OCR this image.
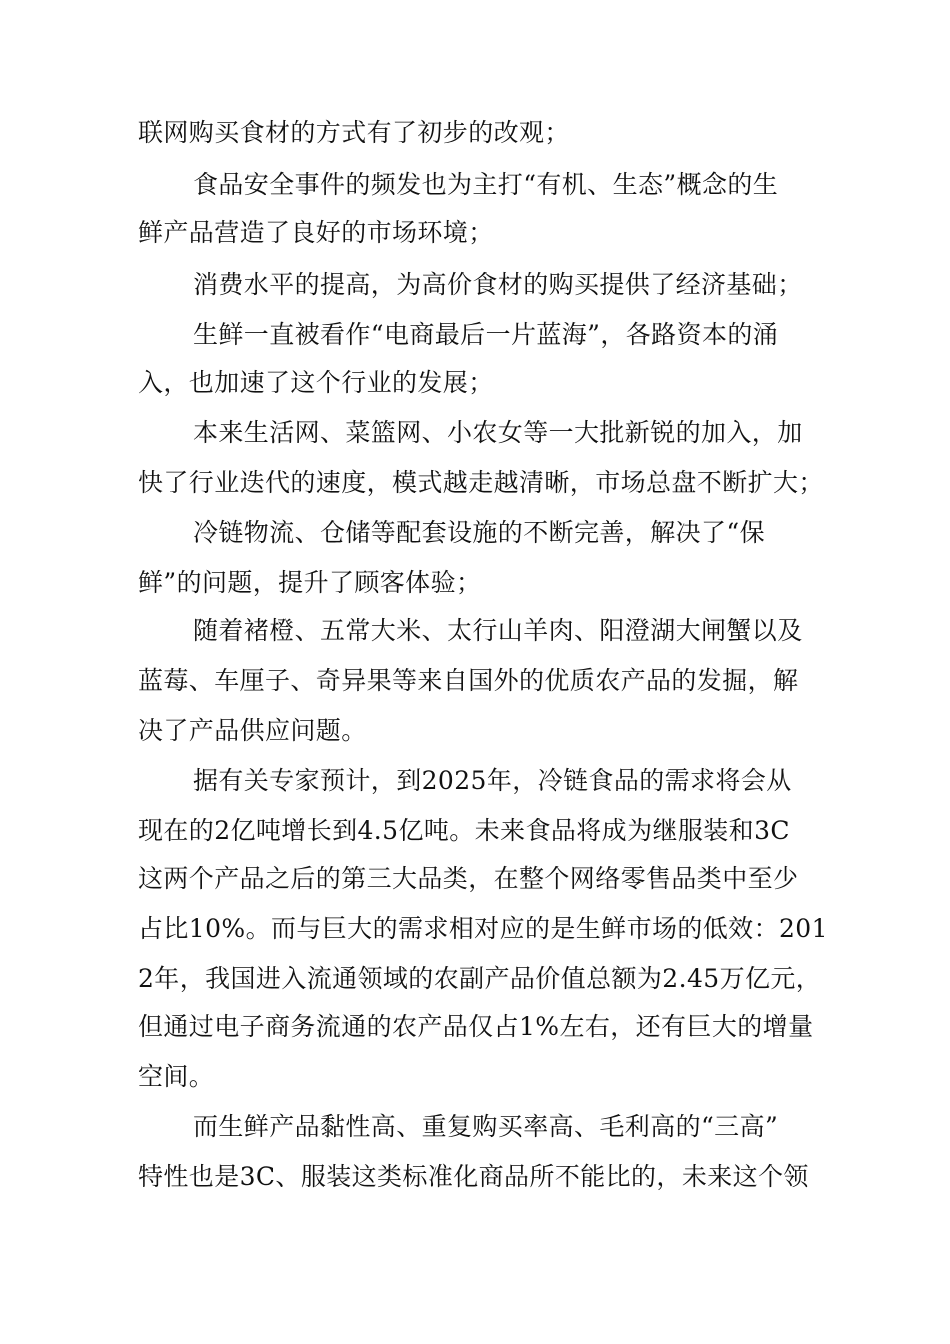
联网购买食材的方式有了初步的改观；
食品安全事件的频发也为主打“有机、生态”概念的生
鲜产品营造了良好的市场环境；
消费水平的提高，为高价食材的购买提供了经济基础；
生鲜一直被看作“电商最后一片蓝海”，各路资本的涌
入，也加速了这个行业的发展；
本来生活网、菜篮网、小农女等一大批新锐的加入，加
快了行业迭代的速度，模式越走越清晰，市场总盘不断扩大；
冷链物流、仓储等配套设施的不断完善，解决了“保
鲜”的问题，提升了顾客体验；
随着褚橙、五常大米、太行山羊肉、阳澄湖大闸蟹以及
蓝莓、车厘子、奇异果等来自国外的优质农产品的发掘，解
决了产品供应问题。
据有关专家预计，到2025年，冷链食品的需求将会从
现在的2亿吨增长到4.5亿吨。未来食品将成为继服装和3C
这两个产品之后的第三大品类，在整个网络零售品类中至少
占比10%。而与巨大的需求相对应的是生鲜市场的低效：201
2年，我国进入流通领域的农副产品价值总额为2.45万亿元，
但通过电子商务流通的农产品仅占1%左右，还有巨大的增量
空间。
而生鲜产品黏性高、重复购买率高、毛利高的“三高”
特性也是3C、服装这类标准化商品所不能比的，未来这个领
